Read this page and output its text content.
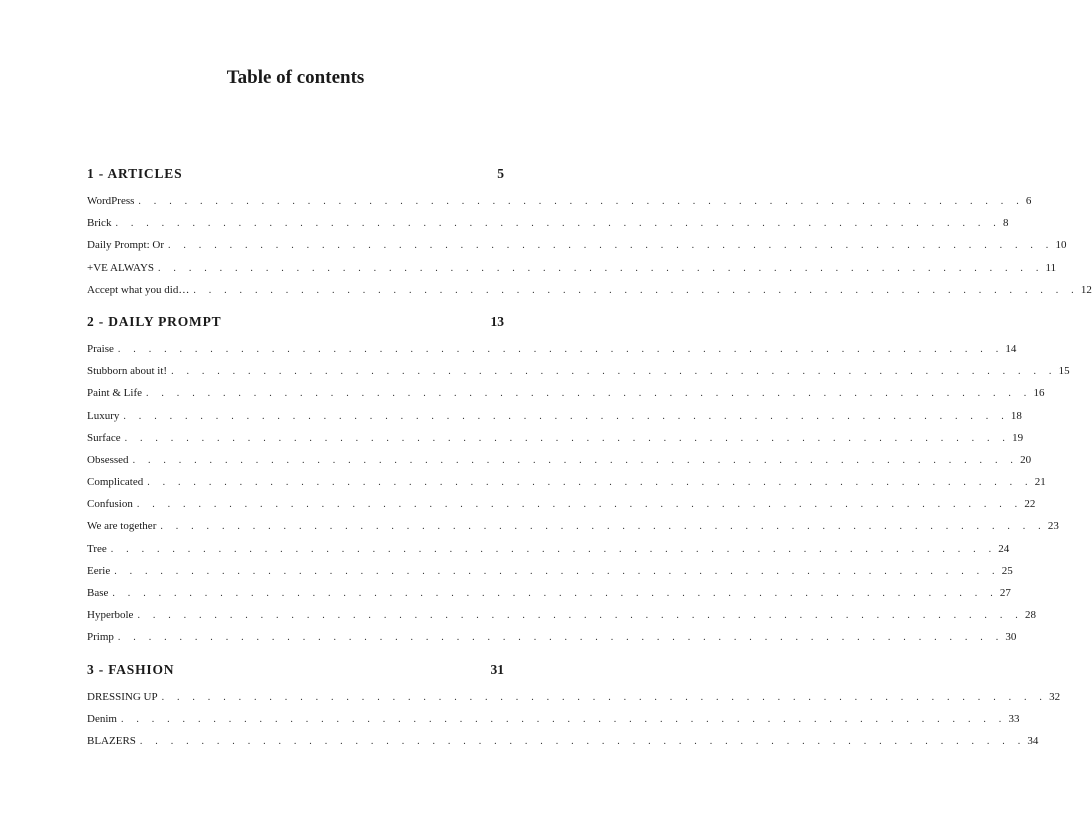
Table of contents
1 - ARTICLES	5
WordPress . . . . . . . . . . . . . . . . . . . . . . . . . . . . . . . . . . . . . . . . . . . . . . . . . . . . . . . . . . 6
Brick . . . . . . . . . . . . . . . . . . . . . . . . . . . . . . . . . . . . . . . . . . . . . . . . . . . . . . . . . . 8
Daily Prompt: Or . . . . . . . . . . . . . . . . . . . . . . . . . . . . . . . . . . . . . . . . . . . . . . . . . . . . . . . . . . 10
+VE ALWAYS . . . . . . . . . . . . . . . . . . . . . . . . . . . . . . . . . . . . . . . . . . . . . . . . . . . . . . . . . . 11
Accept what you did… . . . . . . . . . . . . . . . . . . . . . . . . . . . . . . . . . . . . . . . . . . . . . . . . . . . . . . . . . . 12
2 - DAILY PROMPT	13
Praise . . . . . . . . . . . . . . . . . . . . . . . . . . . . . . . . . . . . . . . . . . . . . . . . . . . . . . . . . . 14
Stubborn about it! . . . . . . . . . . . . . . . . . . . . . . . . . . . . . . . . . . . . . . . . . . . . . . . . . . . . . . . . . . 15
Paint & Life . . . . . . . . . . . . . . . . . . . . . . . . . . . . . . . . . . . . . . . . . . . . . . . . . . . . . . . . . . 16
Luxury . . . . . . . . . . . . . . . . . . . . . . . . . . . . . . . . . . . . . . . . . . . . . . . . . . . . . . . . . . 18
Surface . . . . . . . . . . . . . . . . . . . . . . . . . . . . . . . . . . . . . . . . . . . . . . . . . . . . . . . . . . 19
Obsessed . . . . . . . . . . . . . . . . . . . . . . . . . . . . . . . . . . . . . . . . . . . . . . . . . . . . . . . . . . 20
Complicated . . . . . . . . . . . . . . . . . . . . . . . . . . . . . . . . . . . . . . . . . . . . . . . . . . . . . . . . . . 21
Confusion . . . . . . . . . . . . . . . . . . . . . . . . . . . . . . . . . . . . . . . . . . . . . . . . . . . . . . . . . . 22
We are together . . . . . . . . . . . . . . . . . . . . . . . . . . . . . . . . . . . . . . . . . . . . . . . . . . . . . . . . . . 23
Tree . . . . . . . . . . . . . . . . . . . . . . . . . . . . . . . . . . . . . . . . . . . . . . . . . . . . . . . . . . 24
Eerie . . . . . . . . . . . . . . . . . . . . . . . . . . . . . . . . . . . . . . . . . . . . . . . . . . . . . . . . . . 25
Base . . . . . . . . . . . . . . . . . . . . . . . . . . . . . . . . . . . . . . . . . . . . . . . . . . . . . . . . . . 27
Hyperbole . . . . . . . . . . . . . . . . . . . . . . . . . . . . . . . . . . . . . . . . . . . . . . . . . . . . . . . . . . 28
Primp . . . . . . . . . . . . . . . . . . . . . . . . . . . . . . . . . . . . . . . . . . . . . . . . . . . . . . . . . . 30
3 - FASHION	31
DRESSING UP . . . . . . . . . . . . . . . . . . . . . . . . . . . . . . . . . . . . . . . . . . . . . . . . . . . . . . . . . . 32
Denim . . . . . . . . . . . . . . . . . . . . . . . . . . . . . . . . . . . . . . . . . . . . . . . . . . . . . . . . . . 33
BLAZERS . . . . . . . . . . . . . . . . . . . . . . . . . . . . . . . . . . . . . . . . . . . . . . . . . . . . . . . . . . 34
